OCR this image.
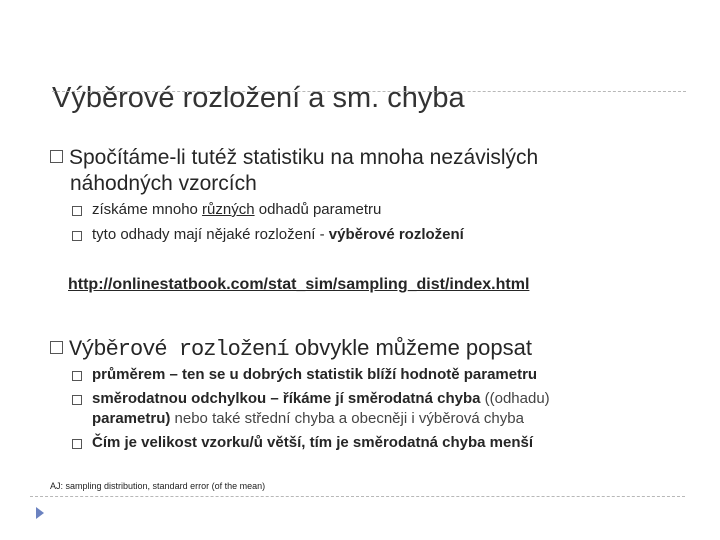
Výběrové rozložení a sm. chyba
Spočítáme-li tutéž statistiku na mnoha nezávislých
náhodných vzorcích
získáme mnoho různých odhadů parametru
tyto odhady mají nějaké rozložení - výběrové rozložení
http://onlinestatbook.com/stat_sim/sampling_dist/index.html
Výběrové rozložení obvykle můžeme popsat
průměrem – ten se u dobrých statistik blíží hodnotě parametru
směrodatnou odchylkou – říkáme jí směrodatná chyba ((odhadu)
parametru) nebo také střední chyba a obecněji i výběrová chyba
Čím je velikost vzorku/ů větší, tím je směrodatná chyba menší
AJ: sampling distribution, standard error (of the mean)
